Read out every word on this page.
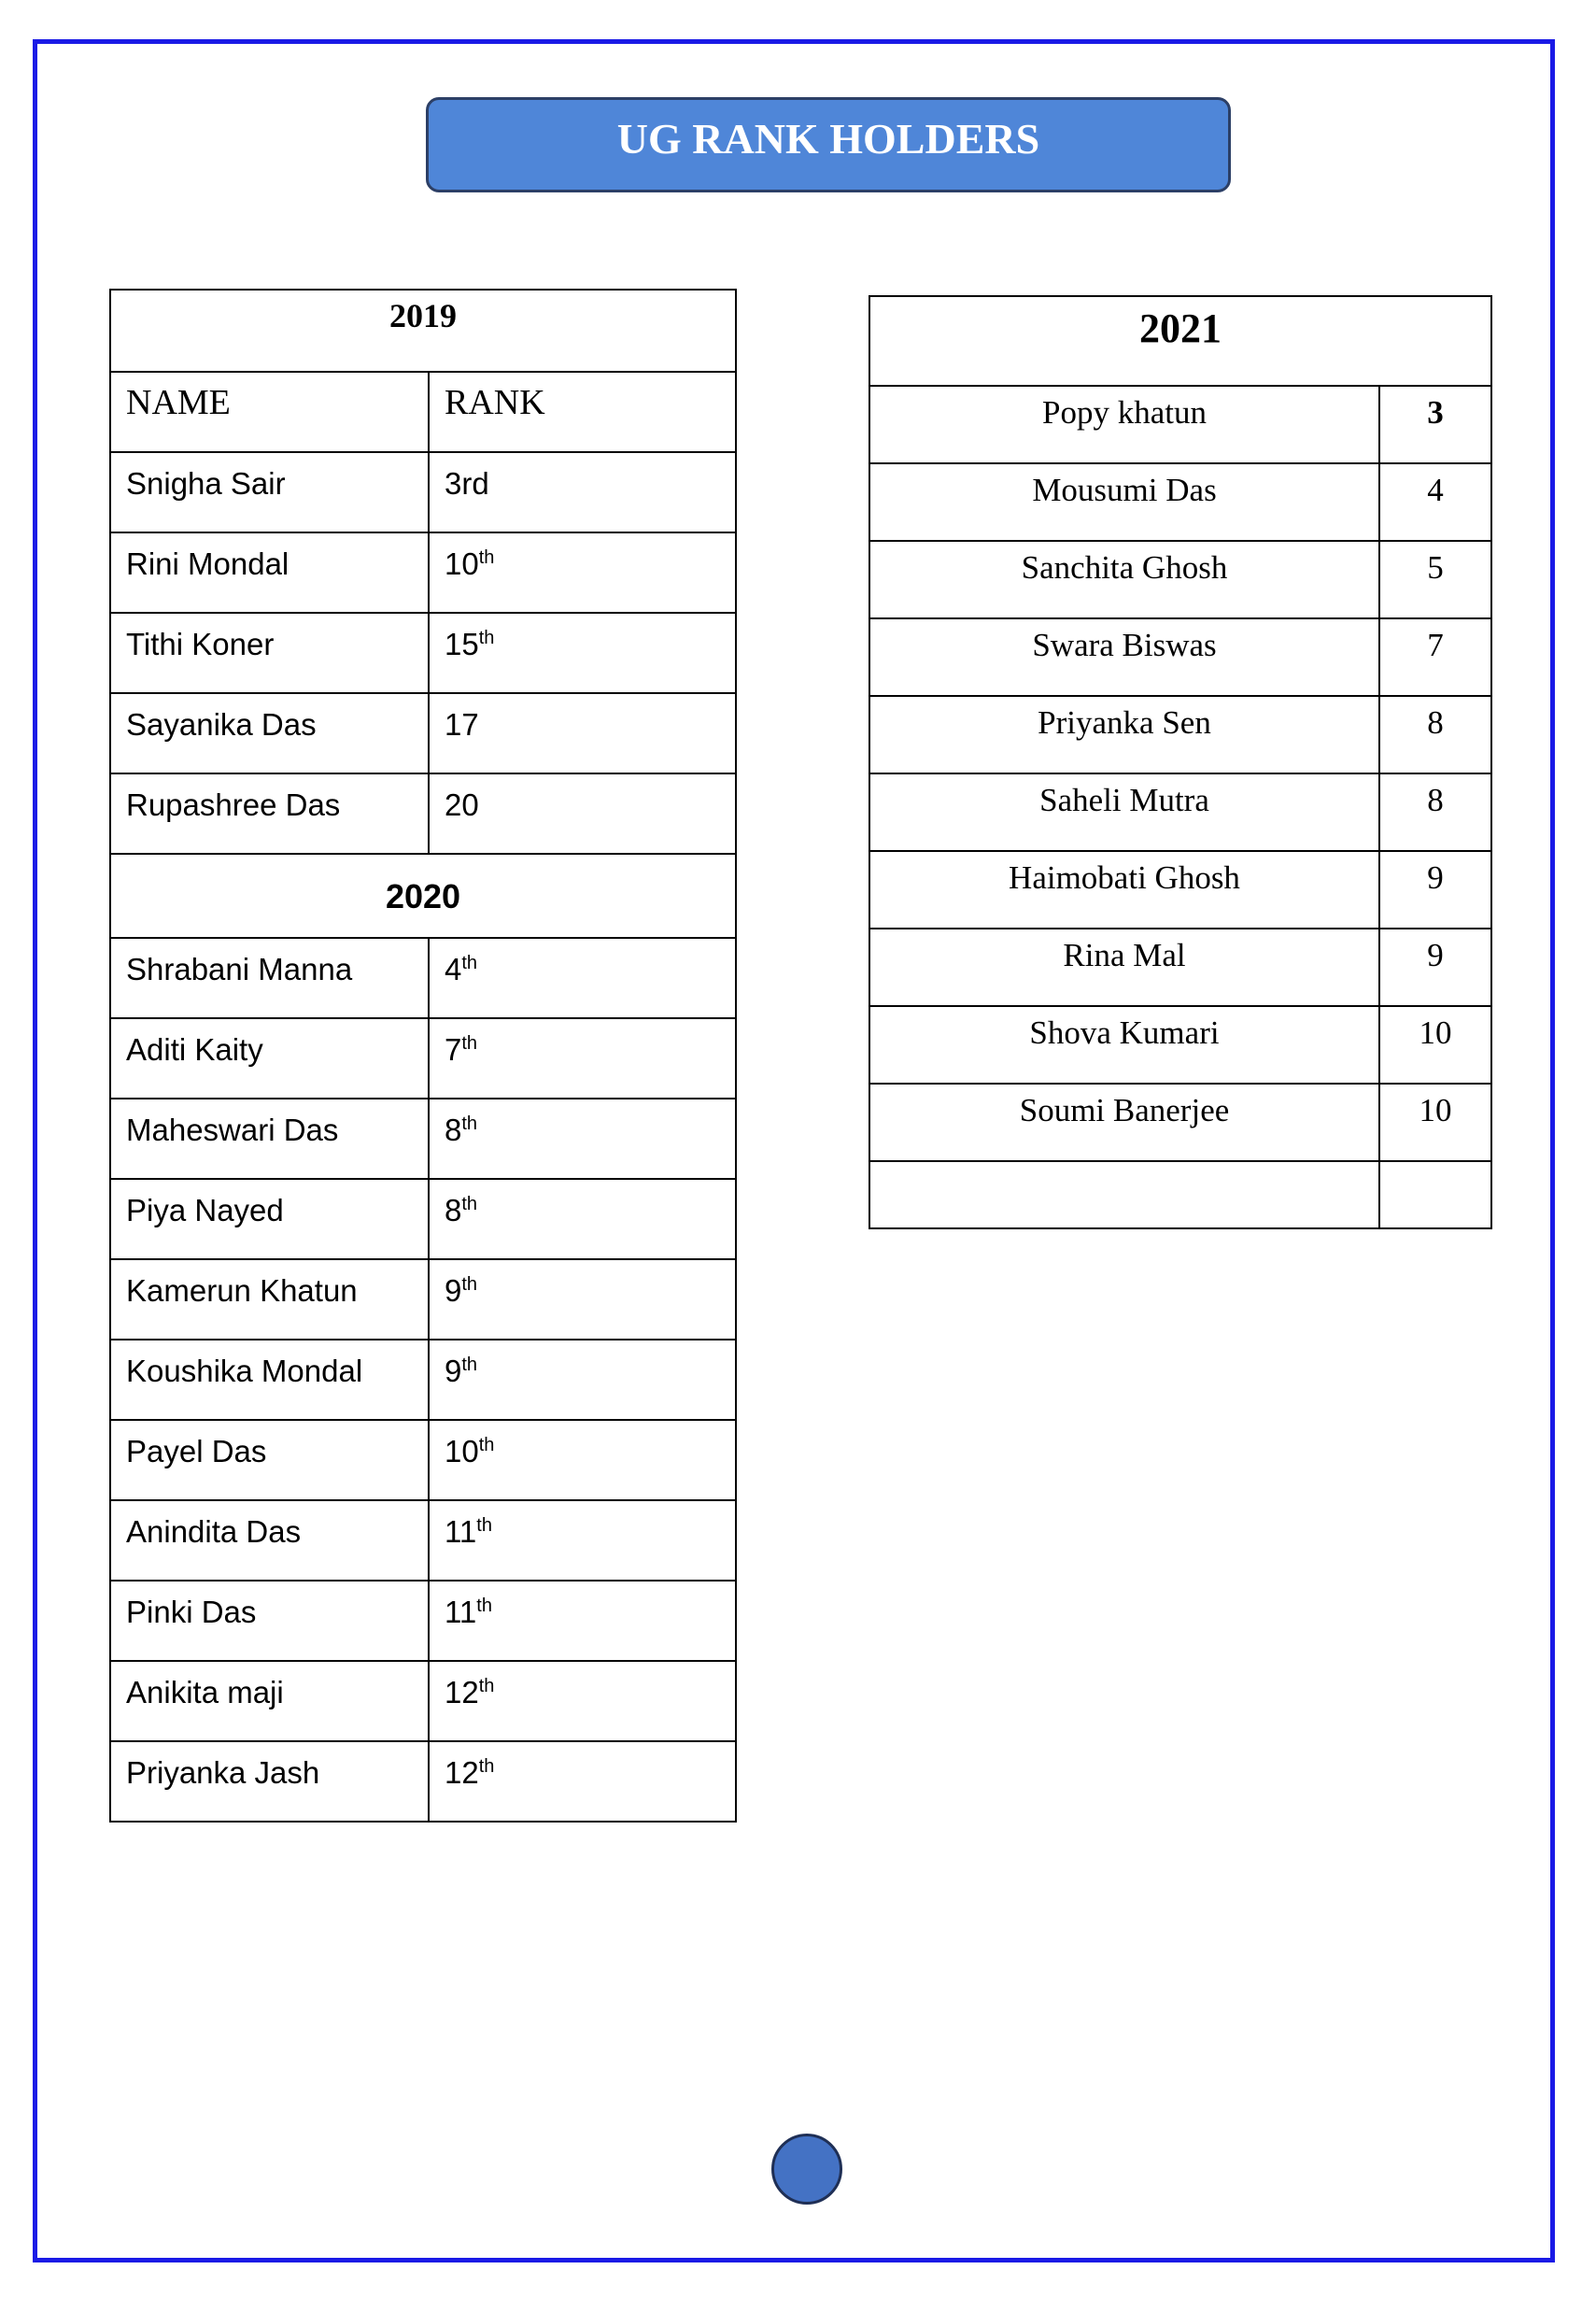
UG RANK HOLDERS
2019	

NAME	RANK

Snigha Sair	3rd

Rini Mondal	10th

Tithi Koner	15th

Sayanika Das	17

Rupashree Das	20

2020	

Shrabani Manna	4th

Aditi Kaity	7th

Maheswari Das	8th

Piya Nayed	8th

Kamerun Khatun	9th

Koushika Mondal	9th

Payel Das	10th

Anindita Das	11th

Pinki Das	11th

Anikita maji	12th

Priyanka Jash	12th
2021	

Popy khatun	3

Mousumi Das	4

Sanchita Ghosh	5

Swara Biswas	7

Priyanka Sen	8

Saheli Mutra	8

Haimobati Ghosh	9

Rina Mal	9

Shova Kumari	10

Soumi Banerjee	10
